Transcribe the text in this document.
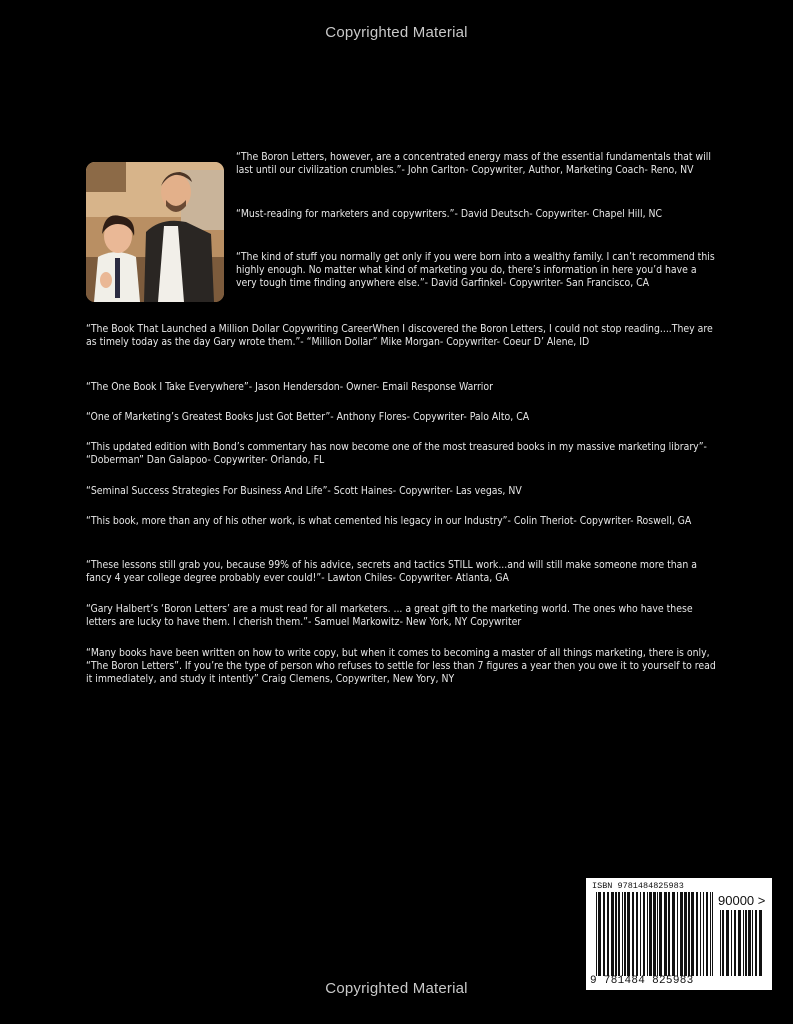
Copyrighted Material

“The Boron Letters, however, are a concentrated energy mass of the essential fundamentals that will last until our civilization crumbles.”- John Carlton- Copywriter, Author, Marketing Coach- Reno, NV

“Must-reading for marketers and copywriters.”- David Deutsch- Copywriter- Chapel Hill, NC

“The kind of stuff you normally get only if you were born into a wealthy family. I can’t recommend this highly enough. No matter what kind of marketing you do, there’s information in here you’d have a very tough time finding anywhere else.”- David Garfinkel- Copywriter- San Francisco, CA

“The Book That Launched a Million Dollar Copywriting CareerWhen I discovered the Boron Letters, I could not stop reading....They are as timely today as the day Gary wrote them.”- “Million Dollar” Mike Morgan- Copywriter- Coeur D’ Alene, ID

“The One Book I Take Everywhere”- Jason Hendersdon- Owner- Email Response Warrior

“One of Marketing’s Greatest Books Just Got Better”- Anthony Flores- Copywriter- Palo Alto, CA

“This updated edition with Bond’s commentary has now become one of the most treasured books in my massive marketing library”- “Doberman” Dan Galapoo- Copywriter- Orlando, FL

“Seminal Success Strategies For Business And Life”- Scott Haines- Copywriter- Las vegas, NV

“This book, more than any of his other work, is what cemented his legacy in our Industry”- Colin Theriot- Copywriter- Roswell, GA

“These lessons still grab you, because 99% of his advice, secrets and tactics STILL work...and will still make someone more than a fancy 4 year college degree probably ever could!”- Lawton Chiles- Copywriter- Atlanta, GA

“Gary Halbert’s ‘Boron Letters’ are a must read for all marketers. ... a great gift to the marketing world. The ones who have these letters are lucky to have them. I cherish them.”- Samuel Markowitz- New York, NY Copywriter

“Many books have been written on how to write copy, but when it comes to becoming a master of all things marketing, there is only, “The Boron Letters”. If you’re the type of person who refuses to settle for less than 7 figures a year then you owe it to yourself to read it immediately, and study it intently” Craig Clemens, Copywriter, New Yory, NY

ISBN 9781484825983
90000 >
9 781484 825983
Copyrighted Material
